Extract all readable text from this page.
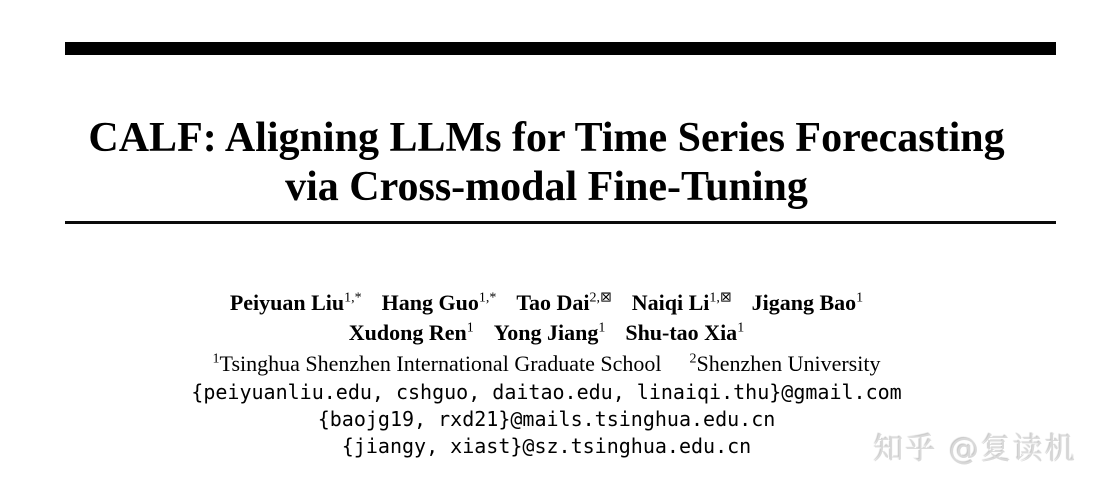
CALF: Aligning LLMs for Time Series Forecasting
via Cross-modal Fine-Tuning
Peiyuan Liu$^{1,*}$ Hang Guo$^{1,*}$ Tao Dai$^{2,⊠}$ Naiqi $Li^{1,⊠}$ Jigang Bao$^1$
Xudong Ren$^1$ Yong Jiang$^1$ Shu-tao Xia$^1$
$^1$Tsinghua Shenzhen International Graduate School $^2$Shenzhen University
{peiyuanliu.edu, cshguo, daitao.edu, linaiqi.thu}@gmail.com
{baojg19, rxd21}@mails.tsinghua.edu.cn
{jiangy, xiast}@sz.tsinghua.edu.cn	知乎 @复读机
